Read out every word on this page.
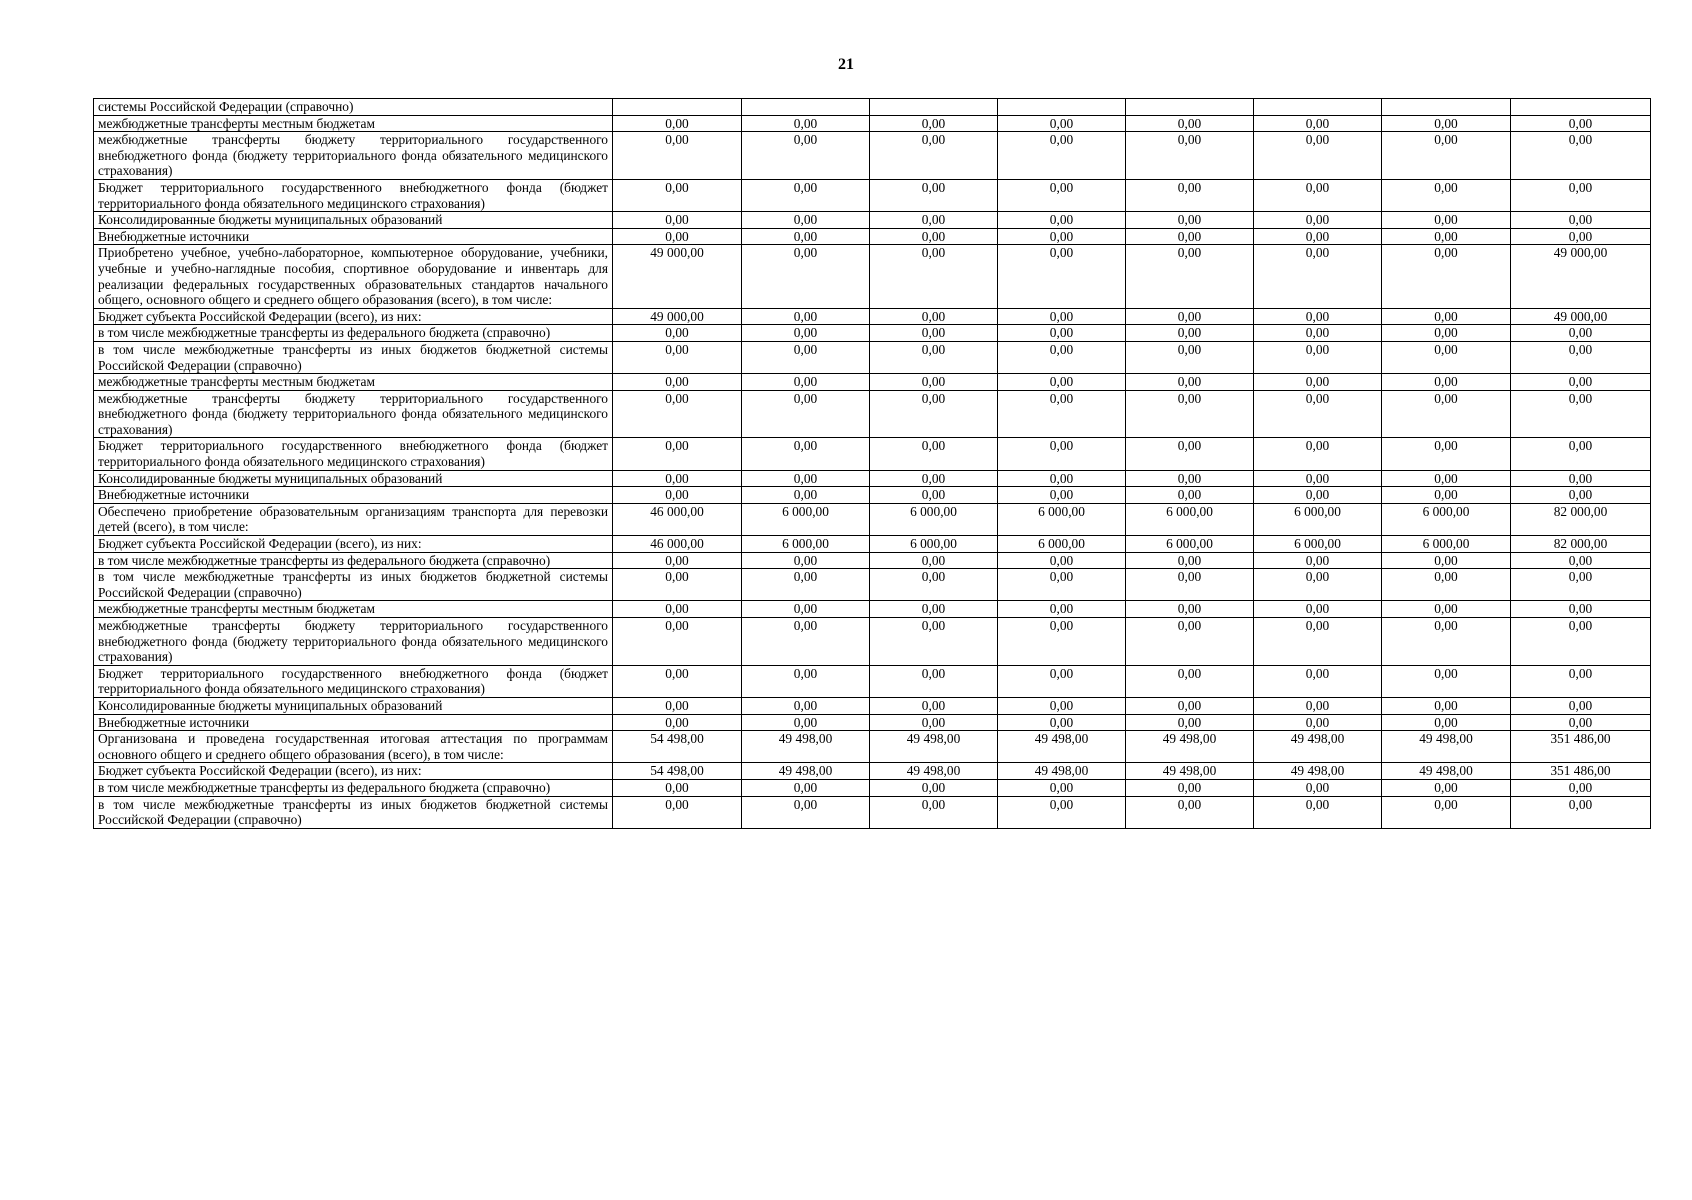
21
системы Российской Федерации (справочно)								
межбюджетные трансферты местным бюджетам	0,00	0,00	0,00	0,00	0,00	0,00	0,00	0,00
межбюджетные трансферты бюджету территориального государственного внебюджетного фонда (бюджету территориального фонда обязательного медицинского страхования)	0,00	0,00	0,00	0,00	0,00	0,00	0,00	0,00
Бюджет территориального государственного внебюджетного фонда (бюджет территориального фонда обязательного медицинского страхования)	0,00	0,00	0,00	0,00	0,00	0,00	0,00	0,00
Консолидированные бюджеты муниципальных образований	0,00	0,00	0,00	0,00	0,00	0,00	0,00	0,00
Внебюджетные источники	0,00	0,00	0,00	0,00	0,00	0,00	0,00	0,00
Приобретено учебное, учебно-лабораторное, компьютерное оборудование, учебники, учебные и учебно-наглядные пособия, спортивное оборудование и инвентарь для реализации федеральных государственных образовательных стандартов начального общего, основного общего и среднего общего образования (всего), в том числе:	49 000,00	0,00	0,00	0,00	0,00	0,00	0,00	49 000,00
Бюджет субъекта Российской Федерации (всего), из них:	49 000,00	0,00	0,00	0,00	0,00	0,00	0,00	49 000,00
в том числе межбюджетные трансферты из федерального бюджета (справочно)	0,00	0,00	0,00	0,00	0,00	0,00	0,00	0,00
в том числе межбюджетные трансферты из иных бюджетов бюджетной системы Российской Федерации (справочно)	0,00	0,00	0,00	0,00	0,00	0,00	0,00	0,00
межбюджетные трансферты местным бюджетам	0,00	0,00	0,00	0,00	0,00	0,00	0,00	0,00
межбюджетные трансферты бюджету территориального государственного внебюджетного фонда (бюджету территориального фонда обязательного медицинского страхования)	0,00	0,00	0,00	0,00	0,00	0,00	0,00	0,00
Бюджет территориального государственного внебюджетного фонда (бюджет территориального фонда обязательного медицинского страхования)	0,00	0,00	0,00	0,00	0,00	0,00	0,00	0,00
Консолидированные бюджеты муниципальных образований	0,00	0,00	0,00	0,00	0,00	0,00	0,00	0,00
Внебюджетные источники	0,00	0,00	0,00	0,00	0,00	0,00	0,00	0,00
Обеспечено приобретение образовательным организациям транспорта для перевозки детей (всего), в том числе:	46 000,00	6 000,00	6 000,00	6 000,00	6 000,00	6 000,00	6 000,00	82 000,00
Бюджет субъекта Российской Федерации (всего), из них:	46 000,00	6 000,00	6 000,00	6 000,00	6 000,00	6 000,00	6 000,00	82 000,00
в том числе межбюджетные трансферты из федерального бюджета (справочно)	0,00	0,00	0,00	0,00	0,00	0,00	0,00	0,00
в том числе межбюджетные трансферты из иных бюджетов бюджетной системы Российской Федерации (справочно)	0,00	0,00	0,00	0,00	0,00	0,00	0,00	0,00
межбюджетные трансферты местным бюджетам	0,00	0,00	0,00	0,00	0,00	0,00	0,00	0,00
межбюджетные трансферты бюджету территориального государственного внебюджетного фонда (бюджету территориального фонда обязательного медицинского страхования)	0,00	0,00	0,00	0,00	0,00	0,00	0,00	0,00
Бюджет территориального государственного внебюджетного фонда (бюджет территориального фонда обязательного медицинского страхования)	0,00	0,00	0,00	0,00	0,00	0,00	0,00	0,00
Консолидированные бюджеты муниципальных образований	0,00	0,00	0,00	0,00	0,00	0,00	0,00	0,00
Внебюджетные источники	0,00	0,00	0,00	0,00	0,00	0,00	0,00	0,00
Организована и проведена государственная итоговая аттестация по программам основного общего и среднего общего образования (всего), в том числе:	54 498,00	49 498,00	49 498,00	49 498,00	49 498,00	49 498,00	49 498,00	351 486,00
Бюджет субъекта Российской Федерации (всего), из них:	54 498,00	49 498,00	49 498,00	49 498,00	49 498,00	49 498,00	49 498,00	351 486,00
в том числе межбюджетные трансферты из федерального бюджета (справочно)	0,00	0,00	0,00	0,00	0,00	0,00	0,00	0,00
в том числе межбюджетные трансферты из иных бюджетов бюджетной системы Российской Федерации (справочно)	0,00	0,00	0,00	0,00	0,00	0,00	0,00	0,00
